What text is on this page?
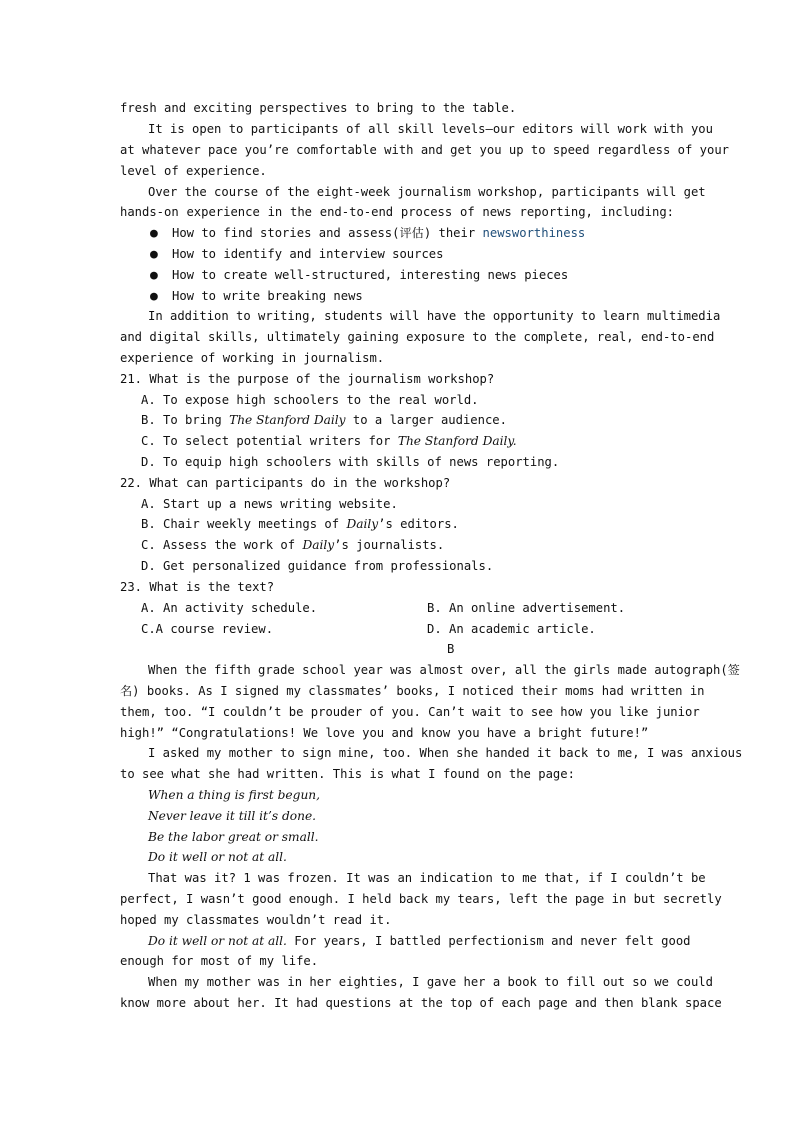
fresh and exciting perspectives to bring to the table.
It is open to participants of all skill levels—our editors will work with you
at whatever pace you’re comfortable with and get you up to speed regardless of your
level of experience.
Over the course of the eight-week journalism workshop, participants will get
hands-on experience in the end-to-end process of news reporting, including:
● How to find stories and assess(评估) their newsworthiness
● How to identify and interview sources
● How to create well-structured, interesting news pieces
● How to write breaking news
In addition to writing, students will have the opportunity to learn multimedia
and digital skills, ultimately gaining exposure to the complete, real, end-to-end
experience of working in journalism.
21. What is the purpose of the journalism workshop?
A. To expose high schoolers to the real world.
B. To bring The Stanford Daily to a larger audience.
C. To select potential writers for The Stanford Daily.
D. To equip high schoolers with skills of news reporting.
22. What can participants do in the workshop?
A. Start up a news writing website.
B. Chair weekly meetings of Daily’s editors.
C. Assess the work of Daily’s journalists.
D. Get personalized guidance from professionals.
23. What is the text?
A. An activity schedule.	B. An online advertisement.
C.A course review.	D. An academic article.
B
When the fifth grade school year was almost over, all the girls made autograph(签
名) books. As I signed my classmates’ books, I noticed their moms had written in
them, too. “I couldn’t be prouder of you. Can’t wait to see how you like junior
high!” “Congratulations! We love you and know you have a bright future!”
I asked my mother to sign mine, too. When she handed it back to me, I was anxious
to see what she had written. This is what I found on the page:
When a thing is first begun,
Never leave it till it’s done.
Be the labor great or small.
Do it well or not at all.
That was it? 1 was frozen. It was an indication to me that, if I couldn’t be
perfect, I wasn’t good enough. I held back my tears, left the page in but secretly
hoped my classmates wouldn’t read it.
Do it well or not at all. For years, I battled perfectionism and never felt good
enough for most of my life.
When my mother was in her eighties, I gave her a book to fill out so we could
know more about her. It had questions at the top of each page and then blank space
